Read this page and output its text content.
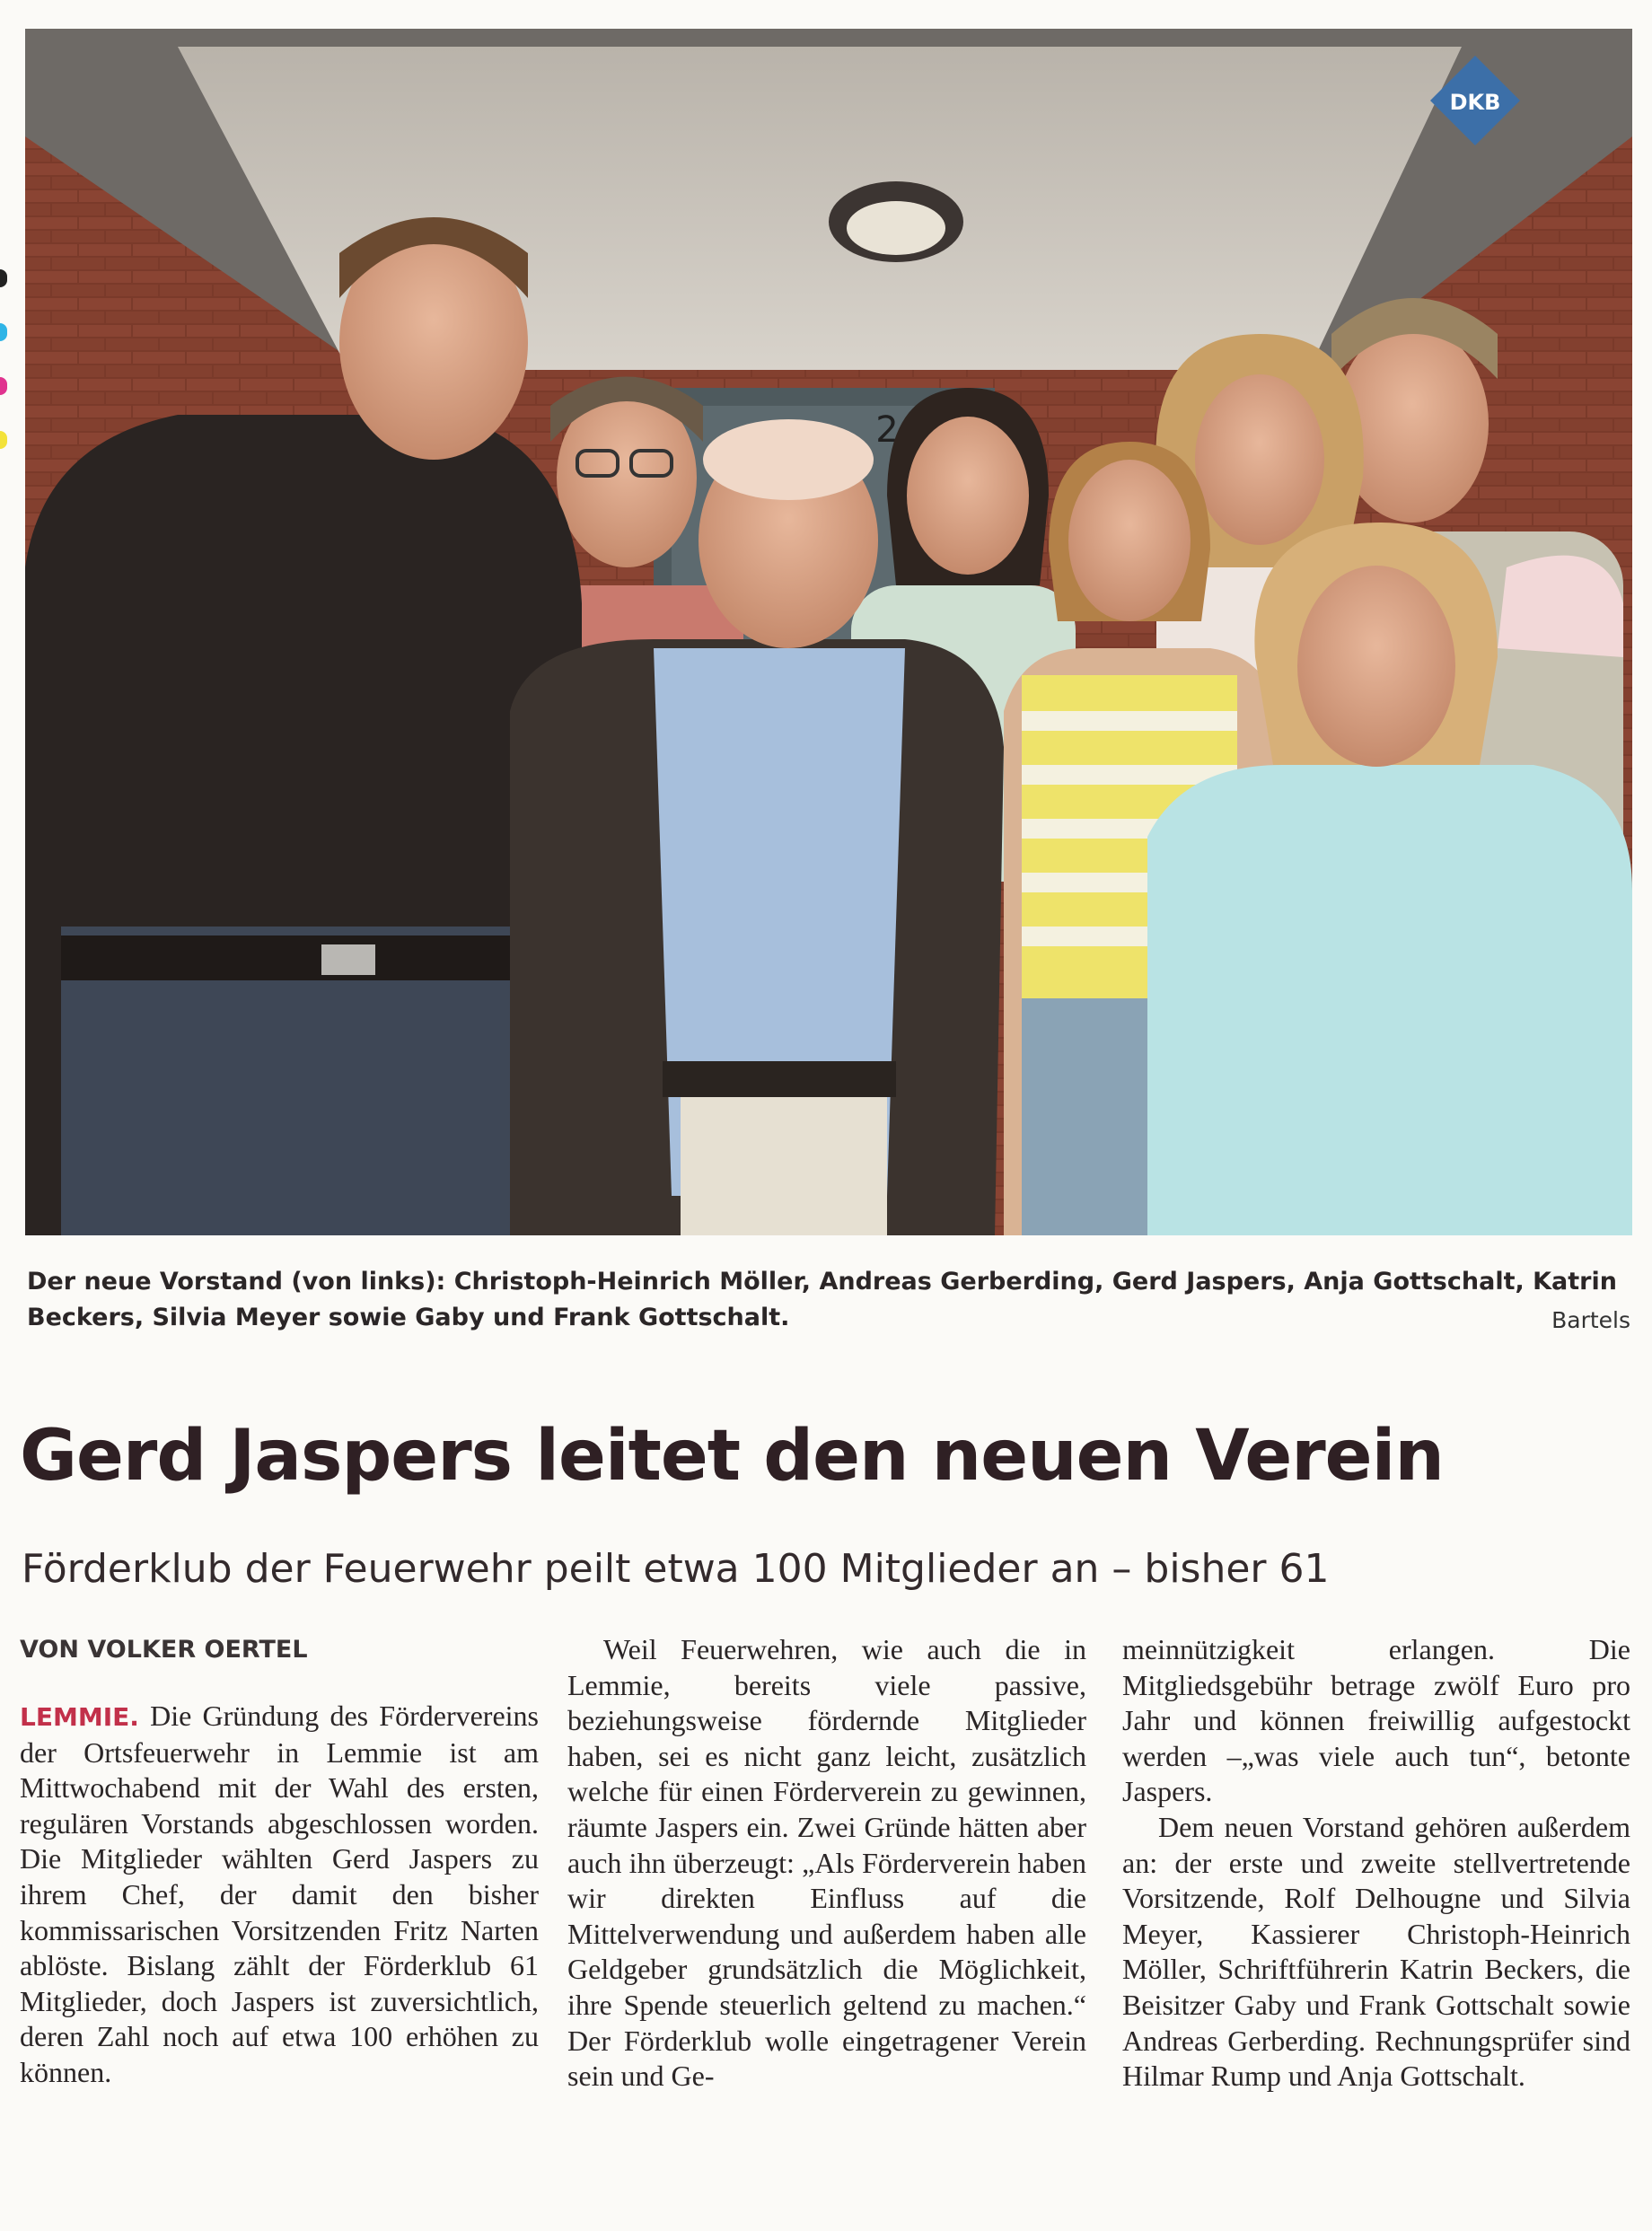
DKB
2
Der neue Vorstand (von links): Christoph-Heinrich Möller, Andreas Gerberding, Gerd Jaspers, Anja Gottschalt, Katrin Beckers, Silvia Meyer sowie Gaby und Frank Gottschalt.	Bartels
Gerd Jaspers leitet den neuen Verein
Förderklub der Feuerwehr peilt etwa 100 Mitglieder an – bisher 61
VON VOLKER OERTEL

LEMMIE. Die Gründung des Fördervereins der Ortsfeuerwehr in Lemmie ist am Mittwochabend mit der Wahl des ersten, regulären Vorstands abgeschlossen worden. Die Mitglieder wählten Gerd Jaspers zu ihrem Chef, der damit den bisher kommissarischen Vorsitzenden Fritz Narten ablöste. Bislang zählt der Förderklub 61 Mitglieder, doch Jaspers ist zuversichtlich, deren Zahl noch auf etwa 100 erhöhen zu können.

Weil Feuerwehren, wie auch die in Lemmie, bereits viele passive, beziehungsweise fördernde Mitglieder haben, sei es nicht ganz leicht, zusätzlich welche für einen Förderverein zu gewinnen, räumte Jaspers ein. Zwei Gründe hätten aber auch ihn überzeugt: „Als Förderverein haben wir direkten Einfluss auf die Mittelverwendung und außerdem haben alle Geldgeber grundsätzlich die Möglichkeit, ihre Spende steuerlich geltend zu machen.“ Der Förderklub wolle eingetragener Verein sein und Ge-

meinnützigkeit erlangen. Die Mitgliedsgebühr betrage zwölf Euro pro Jahr und können freiwillig aufgestockt werden –„was viele auch tun“, betonte Jaspers.

Dem neuen Vorstand gehören außerdem an: der erste und zweite stellvertretende Vorsitzende, Rolf Delhougne und Silvia Meyer, Kassierer Christoph-Heinrich Möller, Schriftführerin Katrin Beckers, die Beisitzer Gaby und Frank Gottschalt sowie Andreas Gerberding. Rechnungsprüfer sind Hilmar Rump und Anja Gottschalt.
